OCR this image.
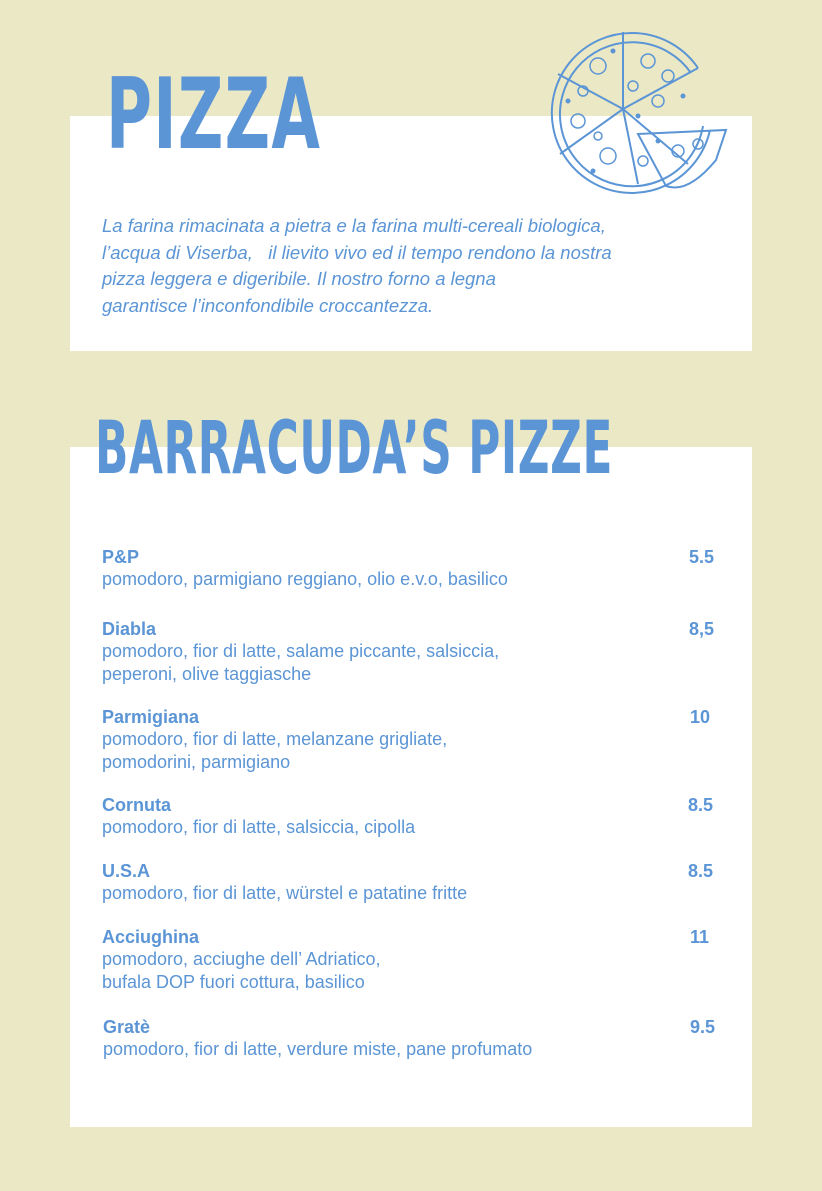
PIZZA

La farina rimacinata a pietra e la farina multi-cereali biologica,
l’acqua di Viserba,   il lievito vivo ed il tempo rendono la nostra
pizza leggera e digeribile. Il nostro forno a legna
garantisce l’inconfondibile croccantezza.

BARRACUDA’S PIZZE
P&P

pomodoro, parmigiano reggiano, olio e.v.o, basilico

5.5
Diabla

pomodoro, fior di latte, salame piccante, salsiccia,
peperoni, olive taggiasche

8,5
Parmigiana

pomodoro, fior di latte, melanzane grigliate,
pomodorini, parmigiano

10
Cornuta

pomodoro, fior di latte, salsiccia, cipolla

8.5
U.S.A

pomodoro, fior di latte, würstel e patatine fritte

8.5
Acciughina

pomodoro, acciughe dell’ Adriatico,
bufala DOP fuori cottura, basilico

11
Gratè

pomodoro, fior di latte, verdure miste, pane profumato

9.5
